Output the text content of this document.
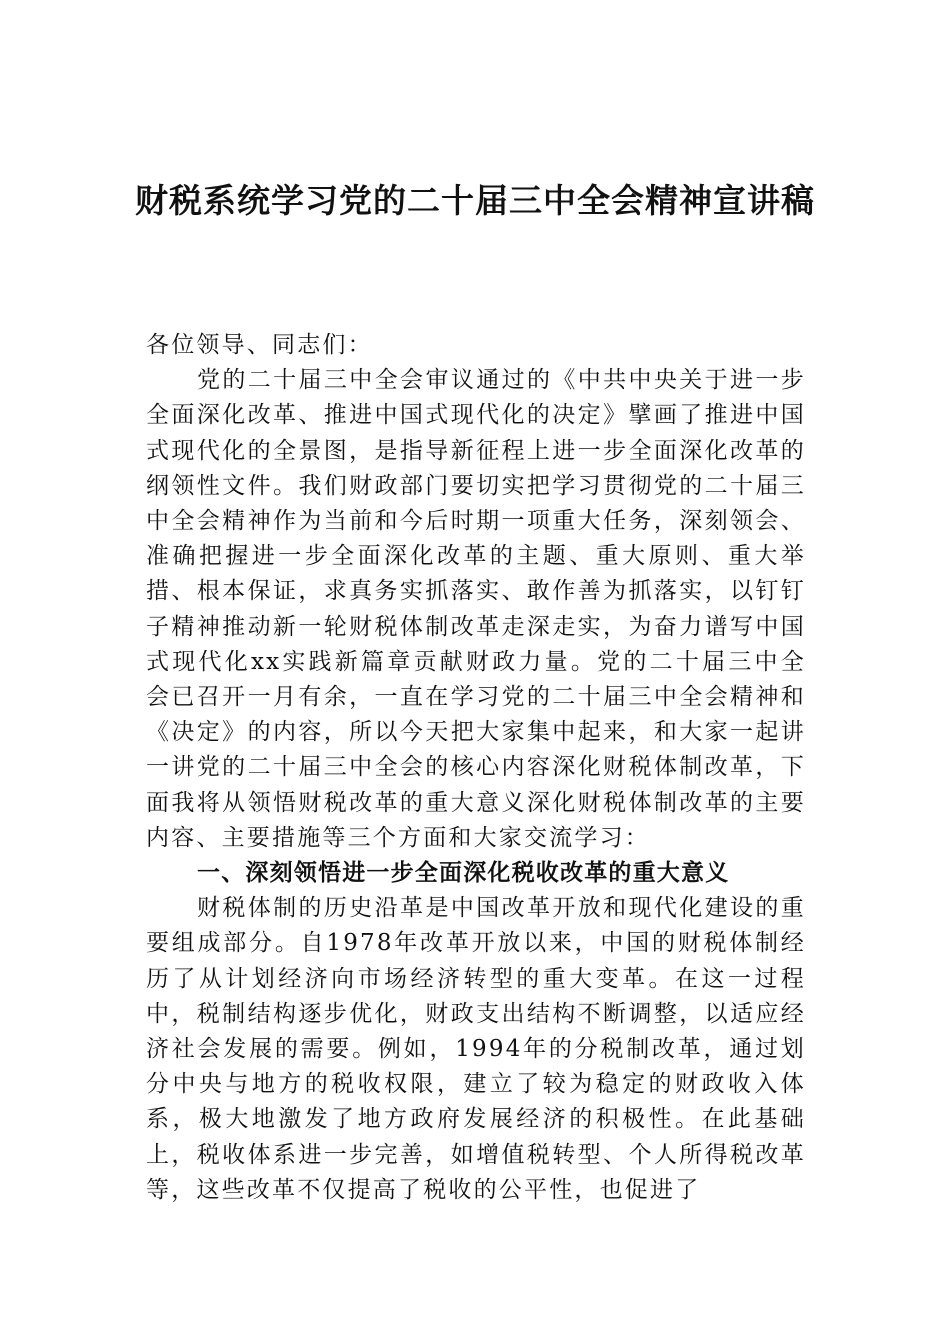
财税系统学习党的二十届三中全会精神宣讲稿

各位领导、同志们：

党的二十届三中全会审议通过的《中共中央关于进一步全面深化改革、推进中国式现代化的决定》擘画了推进中国式现代化的全景图，是指导新征程上进一步全面深化改革的纲领性文件。我们财政部门要切实把学习贯彻党的二十届三中全会精神作为当前和今后时期一项重大任务，深刻领会、准确把握进一步全面深化改革的主题、重大原则、重大举措、根本保证，求真务实抓落实、敢作善为抓落实，以钉钉子精神推动新一轮财税体制改革走深走实，为奋力谱写中国式现代化xx实践新篇章贡献财政力量。党的二十届三中全会已召开一月有余，一直在学习党的二十届三中全会精神和《决定》的内容，所以今天把大家集中起来，和大家一起讲一讲党的二十届三中全会的核心内容深化财税体制改革，下面我将从领悟财税改革的重大意义深化财税体制改革的主要内容、主要措施等三个方面和大家交流学习：

一、深刻领悟进一步全面深化税收改革的重大意义

财税体制的历史沿革是中国改革开放和现代化建设的重要组成部分。自1978年改革开放以来，中国的财税体制经历了从计划经济向市场经济转型的重大变革。在这一过程中，税制结构逐步优化，财政支出结构不断调整，以适应经济社会发展的需要。例如，1994年的分税制改革，通过划分中央与地方的税收权限，建立了较为稳定的财政收入体系，极大地激发了地方政府发展经济的积极性。在此基础上，税收体系进一步完善，如增值税转型、个人所得税改革等，这些改革不仅提高了税收的公平性，也促进了
